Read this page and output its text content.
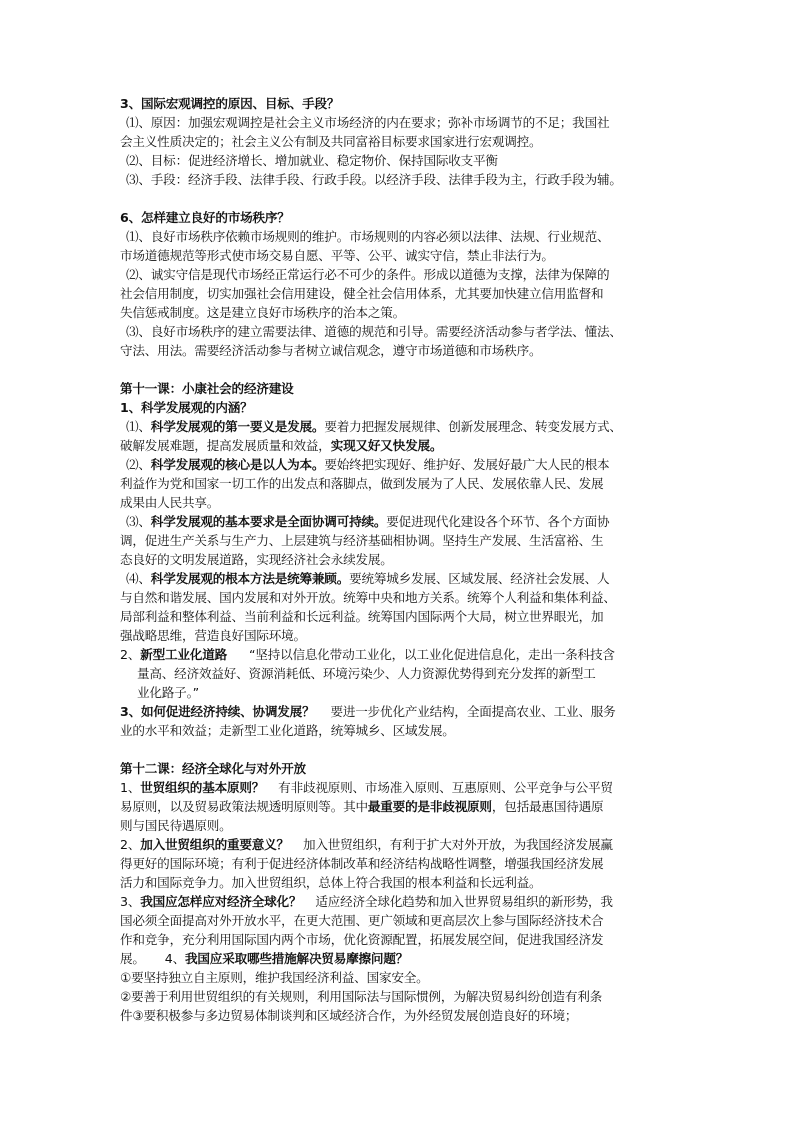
3、国际宏观调控的原因、目标、手段？
⑴、原因：加强宏观调控是社会主义市场经济的内在要求；弥补市场调节的不足；我国社
会主义性质决定的；社会主义公有制及共同富裕目标要求国家进行宏观调控。
⑵、目标：促进经济增长、增加就业、稳定物价、保持国际收支平衡
⑶、手段：经济手段、法律手段、行政手段。以经济手段、法律手段为主，行政手段为辅。
6、怎样建立良好的市场秩序？
⑴、良好市场秩序依赖市场规则的维护。市场规则的内容必须以法律、法规、行业规范、
市场道德规范等形式使市场交易自愿、平等、公平、诚实守信，禁止非法行为。
⑵、诚实守信是现代市场经正常运行必不可少的条件。形成以道德为支撑，法律为保障的
社会信用制度，切实加强社会信用建设，健全社会信用体系，尤其要加快建立信用监督和
失信惩戒制度。这是建立良好市场秩序的治本之策。
⑶、良好市场秩序的建立需要法律、道德的规范和引导。需要经济活动参与者学法、懂法、
守法、用法。需要经济活动参与者树立诚信观念，遵守市场道德和市场秩序。
第十一课：小康社会的经济建设
1、科学发展观的内涵？
⑴、科学发展观的第一要义是发展。要着力把握发展规律、创新发展理念、转变发展方式、
破解发展难题，提高发展质量和效益，实现又好又快发展。
⑵、科学发展观的核心是以人为本。要始终把实现好、维护好、发展好最广大人民的根本
利益作为党和国家一切工作的出发点和落脚点，做到发展为了人民、发展依靠人民、发展
成果由人民共享。
⑶、科学发展观的基本要求是全面协调可持续。要促进现代化建设各个环节、各个方面协
调，促进生产关系与生产力、上层建筑与经济基础相协调。坚持生产发展、生活富裕、生
态良好的文明发展道路，实现经济社会永续发展。
⑷、科学发展观的根本方法是统筹兼顾。要统筹城乡发展、区域发展、经济社会发展、人
与自然和谐发展、国内发展和对外开放。统筹中央和地方关系。统筹个人利益和集体利益、
局部利益和整体利益、当前利益和长远利益。统筹国内国际两个大局，树立世界眼光，加
强战略思维，营造良好国际环境。
2、新型工业化道路 “坚持以信息化带动工业化，以工业化促进信息化，走出一条科技含
量高、经济效益好、资源消耗低、环境污染少、人力资源优势得到充分发挥的新型工
业化路子。”
3、如何促进经济持续、协调发展？ 要进一步优化产业结构，全面提高农业、工业、服务
业的水平和效益；走新型工业化道路，统筹城乡、区域发展。
第十二课：经济全球化与对外开放
1、世贸组织的基本原则？ 有非歧视原则、市场准入原则、互惠原则、公平竞争与公平贸
易原则，以及贸易政策法规透明原则等。其中最重要的是非歧视原则，包括最惠国待遇原
则与国民待遇原则。
2、加入世贸组织的重要意义？ 加入世贸组织，有利于扩大对外开放，为我国经济发展赢
得更好的国际环境；有利于促进经济体制改革和经济结构战略性调整，增强我国经济发展
活力和国际竞争力。加入世贸组织，总体上符合我国的根本利益和长远利益。
3、我国应怎样应对经济全球化？ 适应经济全球化趋势和加入世界贸易组织的新形势，我
国必须全面提高对外开放水平，在更大范围、更广领域和更高层次上参与国际经济技术合
作和竞争，充分利用国际国内两个市场，优化资源配置，拓展发展空间，促进我国经济发
展。 4、我国应采取哪些措施解决贸易摩擦问题？
①要坚持独立自主原则，维护我国经济利益、国家安全。
②要善于利用世贸组织的有关规则，利用国际法与国际惯例，为解决贸易纠纷创造有利条
件③要积极参与多边贸易体制谈判和区域经济合作，为外经贸发展创造良好的环境；
